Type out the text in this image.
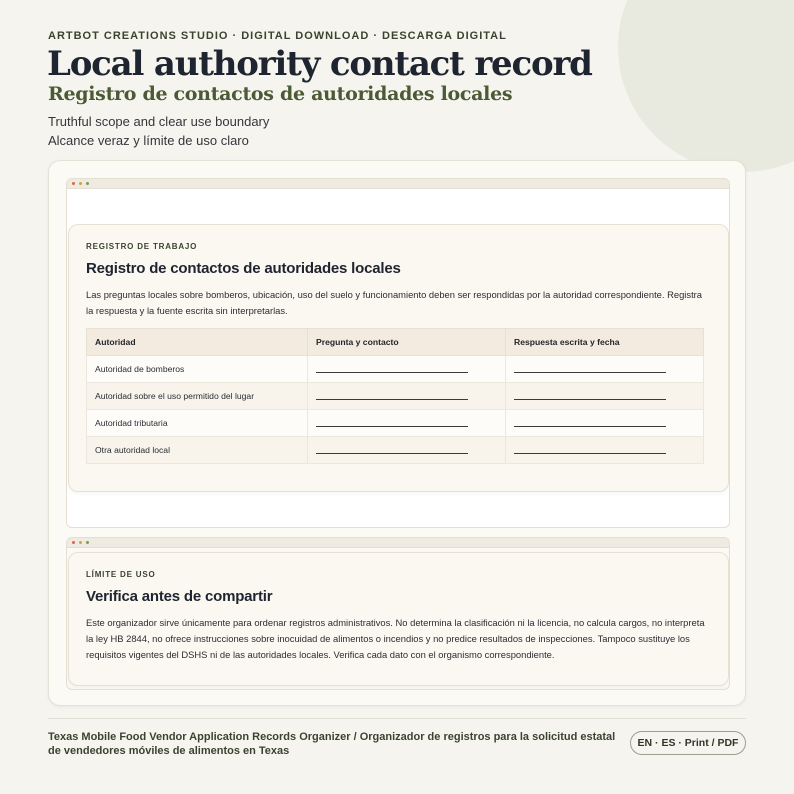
ARTBOT CREATIONS STUDIO · DIGITAL DOWNLOAD · DESCARGA DIGITAL
Local authority contact record
Registro de contactos de autoridades locales
Truthful scope and clear use boundary
Alcance veraz y límite de uso claro
REGISTRO DE TRABAJO
Registro de contactos de autoridades locales
Las preguntas locales sobre bomberos, ubicación, uso del suelo y funcionamiento deben ser respondidas por la autoridad correspondiente. Registra la respuesta y la fuente escrita sin interpretarlas.
Autoridad	Pregunta y contacto	Respuesta escrita y fecha
Autoridad de bomberos		
Autoridad sobre el uso permitido del lugar		
Autoridad tributaria		
Otra autoridad local		
LÍMITE DE USO
Verifica antes de compartir
Este organizador sirve únicamente para ordenar registros administrativos. No determina la clasificación ni la licencia, no calcula cargos, no interpreta la ley HB 2844, no ofrece instrucciones sobre inocuidad de alimentos o incendios y no predice resultados de inspecciones. Tampoco sustituye los requisitos vigentes del DSHS ni de las autoridades locales. Verifica cada dato con el organismo correspondiente.
Texas Mobile Food Vendor Application Records Organizer / Organizador de registros para la solicitud estatal de vendedores móviles de alimentos en Texas
EN · ES · Print / PDF
